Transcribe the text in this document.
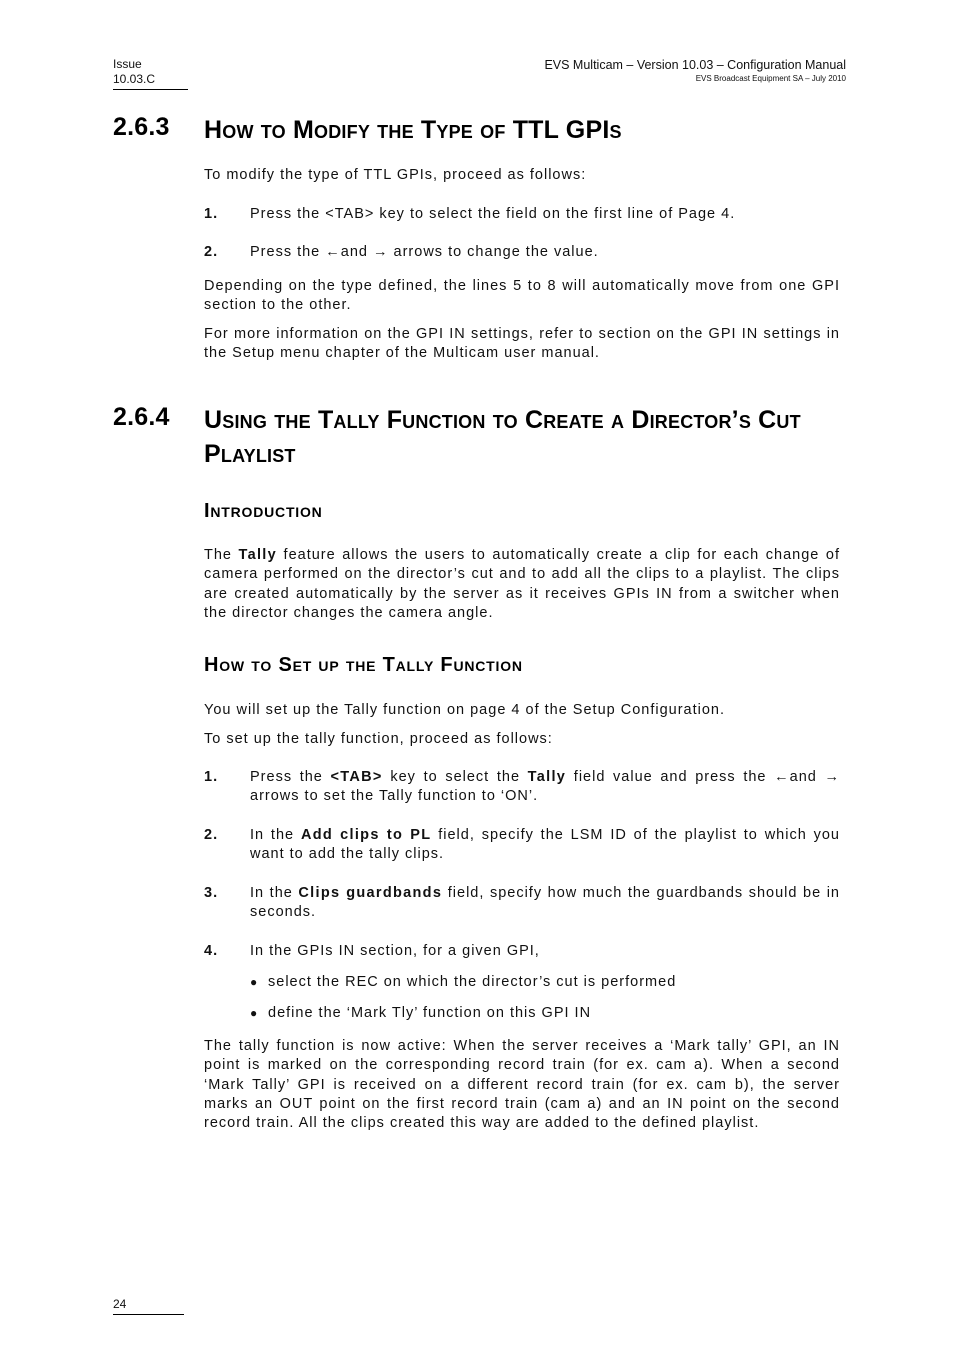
Issue
10.03.C
EVS Multicam – Version 10.03 – Configuration Manual
EVS Broadcast Equipment SA – July 2010
2.6.3 How to Modify the Type of TTL GPIs
To modify the type of TTL GPIs, proceed as follows:
1. Press the <TAB> key to select the field on the first line of Page 4.
2. Press the ←and → arrows to change the value.
Depending on the type defined, the lines 5 to 8 will automatically move from one GPI section to the other.
For more information on the GPI IN settings, refer to section on the GPI IN settings in the Setup menu chapter of the Multicam user manual.
2.6.4 Using the Tally Function to Create a Director’s Cut Playlist
Introduction
The Tally feature allows the users to automatically create a clip for each change of camera performed on the director’s cut and to add all the clips to a playlist. The clips are created automatically by the server as it receives GPIs IN from a switcher when the director changes the camera angle.
How to Set up the Tally Function
You will set up the Tally function on page 4 of the Setup Configuration.
To set up the tally function, proceed as follows:
1. Press the <TAB> key to select the Tally field value and press the ←and → arrows to set the Tally function to ‘ON’.
2. In the Add clips to PL field, specify the LSM ID of the playlist to which you want to add the tally clips.
3. In the Clips guardbands field, specify how much the guardbands should be in seconds.
4. In the GPIs IN section, for a given GPI,
● select the REC on which the director’s cut is performed
● define the ‘Mark Tly’ function on this GPI IN
The tally function is now active: When the server receives a ‘Mark tally’ GPI, an IN point is marked on the corresponding record train (for ex. cam a). When a second ‘Mark Tally’ GPI is received on a different record train (for ex. cam b), the server marks an OUT point on the first record train (cam a) and an IN point on the second record train. All the clips created this way are added to the defined playlist.
24
